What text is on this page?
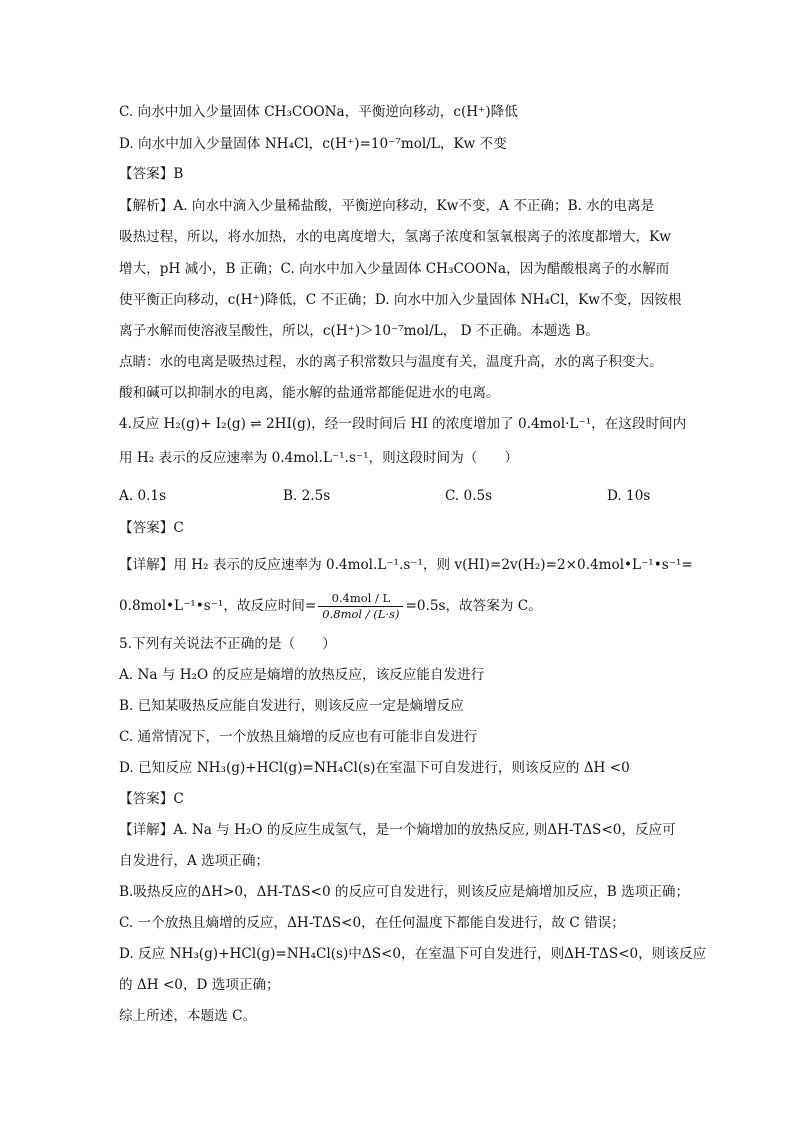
C. 向水中加入少量固体 CH₃COONa，平衡逆向移动，c(H⁺)降低
D. 向水中加入少量固体 NH₄Cl，c(H⁺)=10⁻⁷mol/L，Kw 不变
【答案】B
【解析】A. 向水中滴入少量稀盐酸，平衡逆向移动，Kw不变，A 不正确；B. 水的电离是
吸热过程，所以，将水加热，水的电离度增大，氢离子浓度和氢氧根离子的浓度都增大，Kw
增大，pH 减小，B 正确；C. 向水中加入少量固体 CH₃COONa，因为醋酸根离子的水解而
使平衡正向移动，c(H⁺)降低，C 不正确；D. 向水中加入少量固体 NH₄Cl，Kw不变，因铵根
离子水解而使溶液呈酸性，所以，c(H⁺)＞10⁻⁷mol/L， D 不正确。本题选 B。
点睛：水的电离是吸热过程，水的离子积常数只与温度有关，温度升高，水的离子积变大。
酸和碱可以抑制水的电离，能水解的盐通常都能促进水的电离。
4.反应 H₂(g)+ I₂(g) ⇌ 2HI(g)，经一段时间后 HI 的浓度增加了 0.4mol·L⁻¹，在这段时间内
用 H₂ 表示的反应速率为 0.4mol.L⁻¹.s⁻¹，则这段时间为（　　）
A. 0.1s	B. 2.5s	C. 0.5s	D. 10s
【答案】C
【详解】用 H₂ 表示的反应速率为 0.4mol.L⁻¹.s⁻¹，则 v(HI)=2v(H₂)=2×0.4mol•L⁻¹•s⁻¹=
0.8mol•L⁻¹•s⁻¹，故反应时间= $\frac{\text{0.4mol / L}}{\text{0.8mol / (L·s)}} =0.5s$，故答案为 C。
5.下列有关说法不正确的是（　　）
A. Na 与 H₂O 的反应是熵增的放热反应，该反应能自发进行
B. 已知某吸热反应能自发进行，则该反应一定是熵增反应
C. 通常情况下，一个放热且熵增的反应也有可能非自发进行
D. 已知反应 NH₃(g)+HCl(g)=NH₄Cl(s)在室温下可自发进行，则该反应的 ΔH <0
【答案】C
【详解】A. Na 与 H₂O 的反应生成氢气，是一个熵增加的放热反应, 则ΔH-TΔS<0，反应可
自发进行，A 选项正确；
B.吸热反应的ΔH>0，ΔH-TΔS<0 的反应可自发进行，则该反应是熵增加反应，B 选项正确；
C. 一个放热且熵增的反应，ΔH-TΔS<0，在任何温度下都能自发进行，故 C 错误；
D. 反应 NH₃(g)+HCl(g)=NH₄Cl(s)中ΔS<0，在室温下可自发进行，则ΔH-TΔS<0，则该反应
的 ΔH <0，D 选项正确；
综上所述，本题选 C。
